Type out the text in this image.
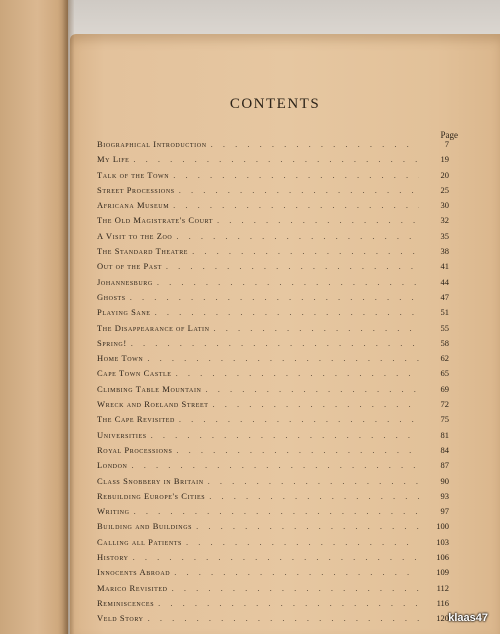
CONTENTS
Page
Biographical Introduction . . .	7
My Life . . .	19
Talk of the Town . . .	20
Street Processions . . .	25
Africana Museum . . .	30
The Old Magistrate's Court . . .	32
A Visit to the Zoo . . .	35
The Standard Theatre . . .	38
Out of the Past . . .	41
Johannesburg . . .	44
Ghosts . . .	47
Playing Sane . . .	51
The Disappearance of Latin . . .	55
Spring! . . .	58
Home Town . . .	62
Cape Town Castle . . .	65
Climbing Table Mountain . . .	69
Wreck and Roeland Street . . .	72
The Cape Revisited . . .	75
Universities . . .	81
Royal Processions . . .	84
London . . .	87
Class Snobbery in Britain . . .	90
Rebuilding Europe's Cities . . .	93
Writing . . .	97
Building and Buildings . . .	100
Calling all Patients . . .	103
History . . .	106
Innocents Abroad . . .	109
Marico Revisited . . .	112
Reminiscences . . .	116
Veld Story . . .	120 klaas47
